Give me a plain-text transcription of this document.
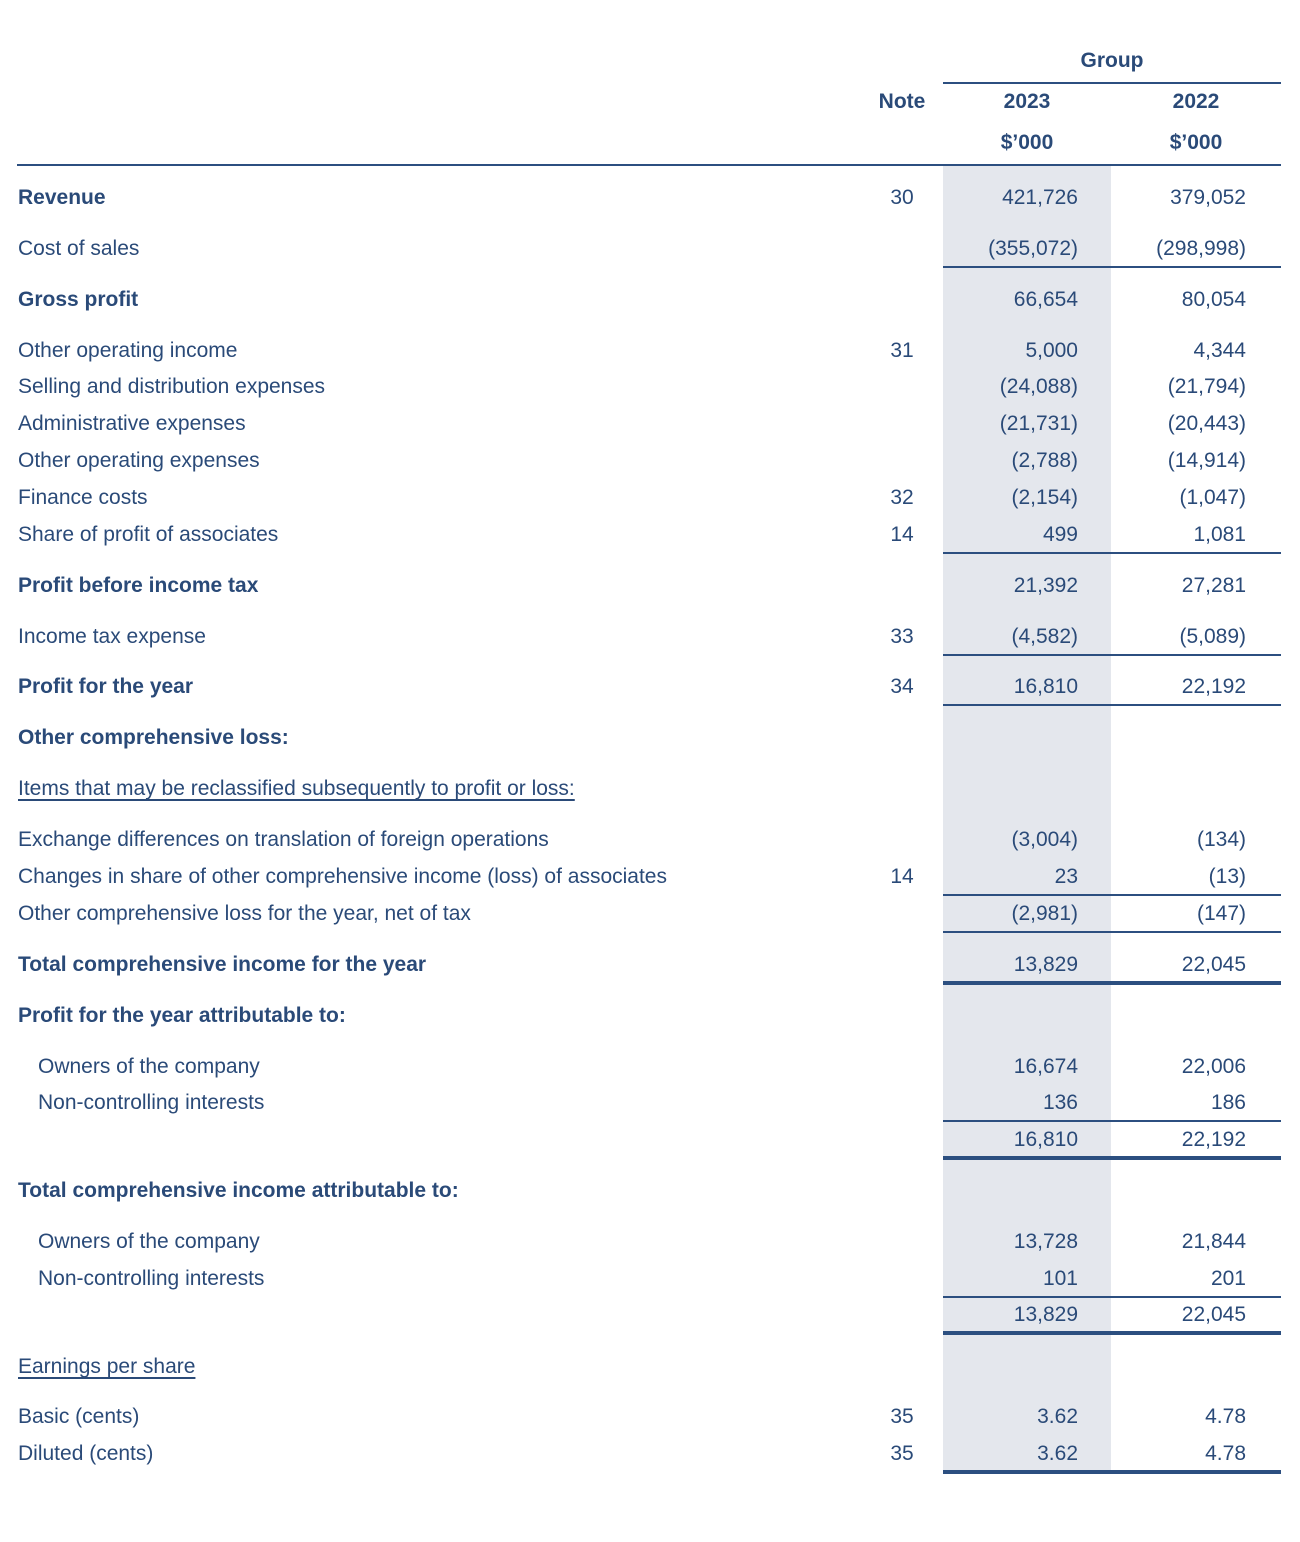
Group
Note	2023	2022
$’000	$’000
Revenue	30	421,726	379,052
Cost of sales	(355,072)	(298,998)
Gross profit	66,654	80,054
Other operating income	31	5,000	4,344
Selling and distribution expenses	(24,088)	(21,794)
Administrative expenses	(21,731)	(20,443)
Other operating expenses	(2,788)	(14,914)
Finance costs	32	(2,154)	(1,047)
Share of profit of associates	14	499	1,081
Profit before income tax	21,392	27,281
Income tax expense	33	(4,582)	(5,089)
Profit for the year	34	16,810	22,192
Other comprehensive loss:
Items that may be reclassified subsequently to profit or loss:
Exchange differences on translation of foreign operations	(3,004)	(134)
Changes in share of other comprehensive income (loss) of associates	14	23	(13)
Other comprehensive loss for the year, net of tax	(2,981)	(147)
Total comprehensive income for the year	13,829	22,045
Profit for the year attributable to:
Owners of the company	16,674	22,006
Non-controlling interests	136	186
16,810	22,192
Total comprehensive income attributable to:
Owners of the company	13,728	21,844
Non-controlling interests	101	201
13,829	22,045
Earnings per share
Basic (cents)	35	3.62	4.78
Diluted (cents)	35	3.62	4.78
